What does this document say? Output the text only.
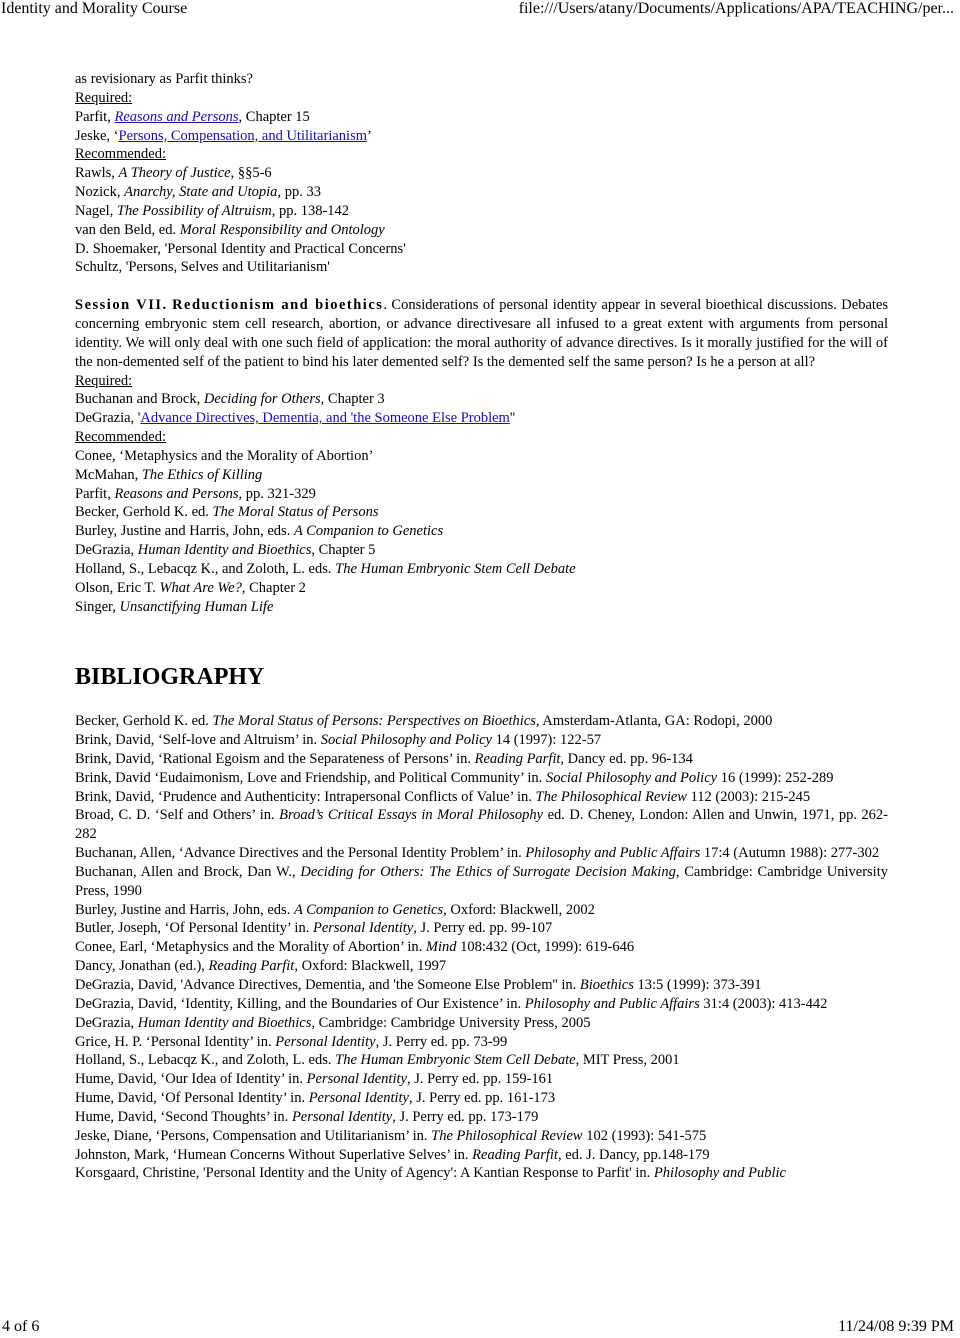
Identity and Morality Course	file:///Users/atany/Documents/Applications/APA/TEACHING/per...
as revisionary as Parfit thinks?
Required:
Parfit, Reasons and Persons, Chapter 15
Jeske, ‘Persons, Compensation, and Utilitarianism’
Recommended:
Rawls, A Theory of Justice, §§5-6
Nozick, Anarchy, State and Utopia, pp. 33
Nagel, The Possibility of Altruism, pp. 138-142
van den Beld, ed. Moral Responsibility and Ontology
D. Shoemaker, 'Personal Identity and Practical Concerns'
Schultz, 'Persons, Selves and Utilitarianism'
Session VII. Reductionism and bioethics. Considerations of personal identity appear in several bioethical discussions. Debates concerning embryonic stem cell research, abortion, or advance directivesare all infused to a great extent with arguments from personal identity. We will only deal with one such field of application: the moral authority of advance directives. Is it morally justified for the will of the non-demented self of the patient to bind his later demented self? Is the demented self the same person? Is he a person at all?
Required:
Buchanan and Brock, Deciding for Others, Chapter 3
DeGrazia, 'Advance Directives, Dementia, and 'the Someone Else Problem''
Recommended:
Conee, ‘Metaphysics and the Morality of Abortion’
McMahan, The Ethics of Killing
Parfit, Reasons and Persons, pp. 321-329
Becker, Gerhold K. ed. The Moral Status of Persons
Burley, Justine and Harris, John, eds. A Companion to Genetics
DeGrazia, Human Identity and Bioethics, Chapter 5
Holland, S., Lebacqz K., and Zoloth, L. eds. The Human Embryonic Stem Cell Debate
Olson, Eric T. What Are We?, Chapter 2
Singer, Unsanctifying Human Life
BIBLIOGRAPHY
Becker, Gerhold K. ed. The Moral Status of Persons: Perspectives on Bioethics, Amsterdam-Atlanta, GA: Rodopi, 2000
Brink, David, ‘Self-love and Altruism’ in. Social Philosophy and Policy 14 (1997): 122-57
Brink, David, ‘Rational Egoism and the Separateness of Persons’ in. Reading Parfit, Dancy ed. pp. 96-134
Brink, David ‘Eudaimonism, Love and Friendship, and Political Community’ in. Social Philosophy and Policy 16 (1999): 252-289
Brink, David, ‘Prudence and Authenticity: Intrapersonal Conflicts of Value’ in. The Philosophical Review 112 (2003): 215-245
Broad, C. D. ‘Self and Others’ in. Broad’s Critical Essays in Moral Philosophy ed. D. Cheney, London: Allen and Unwin, 1971, pp. 262-282
Buchanan, Allen, ‘Advance Directives and the Personal Identity Problem’ in. Philosophy and Public Affairs 17:4 (Autumn 1988): 277-302
Buchanan, Allen and Brock, Dan W., Deciding for Others: The Ethics of Surrogate Decision Making, Cambridge: Cambridge University Press, 1990
Burley, Justine and Harris, John, eds. A Companion to Genetics, Oxford: Blackwell, 2002
Butler, Joseph, ‘Of Personal Identity’ in. Personal Identity, J. Perry ed. pp. 99-107
Conee, Earl, ‘Metaphysics and the Morality of Abortion’ in. Mind 108:432 (Oct, 1999): 619-646
Dancy, Jonathan (ed.), Reading Parfit, Oxford: Blackwell, 1997
DeGrazia, David, 'Advance Directives, Dementia, and 'the Someone Else Problem'' in. Bioethics 13:5 (1999): 373-391
DeGrazia, David, ‘Identity, Killing, and the Boundaries of Our Existence’ in. Philosophy and Public Affairs 31:4 (2003): 413-442
DeGrazia, Human Identity and Bioethics, Cambridge: Cambridge University Press, 2005
Grice, H. P. ‘Personal Identity’ in. Personal Identity, J. Perry ed. pp. 73-99
Holland, S., Lebacqz K., and Zoloth, L. eds. The Human Embryonic Stem Cell Debate, MIT Press, 2001
Hume, David, ‘Our Idea of Identity’ in. Personal Identity, J. Perry ed. pp. 159-161
Hume, David, ‘Of Personal Identity’ in. Personal Identity, J. Perry ed. pp. 161-173
Hume, David, ‘Second Thoughts’ in. Personal Identity, J. Perry ed. pp. 173-179
Jeske, Diane, ‘Persons, Compensation and Utilitarianism’ in. The Philosophical Review 102 (1993): 541-575
Johnston, Mark, ‘Humean Concerns Without Superlative Selves’ in. Reading Parfit, ed. J. Dancy, pp.148-179
Korsgaard, Christine, 'Personal Identity and the Unity of Agency': A Kantian Response to Parfit' in. Philosophy and Public
4 of 6	11/24/08 9:39 PM
